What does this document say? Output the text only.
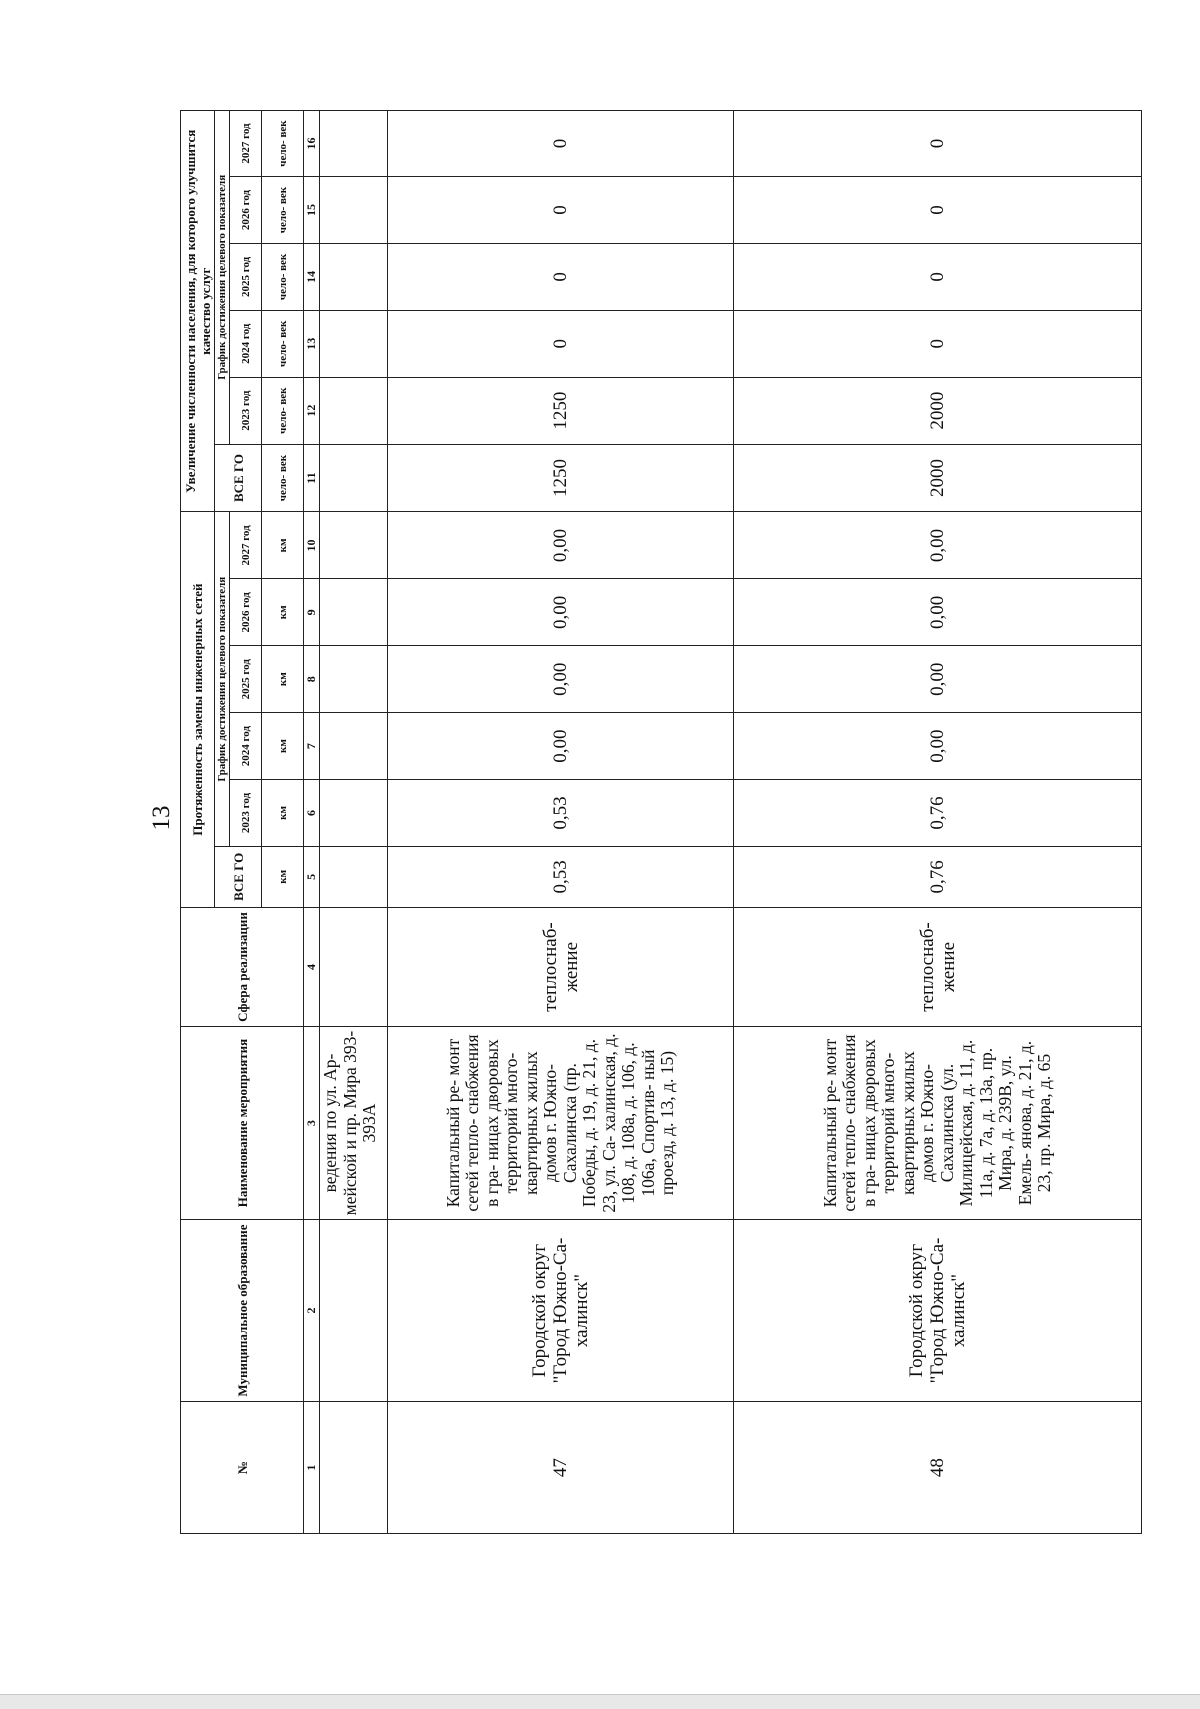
13
№	Муниципальное образование	Наименование мероприятия	Сфера реализации	Протяженность замены инженерных сетей						Увеличение численности населения, для которого улучшится качество услуг					
				ВСЕ ГО	График достижения целевого показателя					ВСЕ ГО	График достижения целевого показателя				
					2023 год	2024 год	2025 год	2026 год	2027 год		2023 год	2024 год	2025 год	2026 год	2027 год
				км	км	км	км	км	км	чело- век	чело- век	чело- век	чело- век	чело- век	чело- век
1	2	3	4	5	6	7	8	9	10	11	12	13	14	15	16
		ведения по ул. Ар- мейской и пр. Мира 393-393А													
47	Городской округ "Город Южно-Са- халинск"	Капитальный ре- монт сетей тепло- снабжения в гра- ницах дворовых территорий много- квартирных жилых домов г. Южно- Сахалинска (пр. Победы, д. 19, д. 21, д. 23, ул. Са- халинская, д. 108, д. 108а, д. 106, д. 106а, Спортив- ный проезд, д. 13, д. 15)	теплоснаб- жение	0,53	0,53	0,00	0,00	0,00	0,00	1250	1250	0	0	0	0
48	Городской округ "Город Южно-Са- халинск"	Капитальный ре- монт сетей тепло- снабжения в гра- ницах дворовых территорий много- квартирных жилых домов г. Южно- Сахалинска (ул. Милицейская, д. 11, д. 11а, д. 7а, д. 13а, пр. Мира, д. 239В, ул. Емель- янова, д. 21, д. 23, пр. Мира, д. 65	теплоснаб- жение	0,76	0,76	0,00	0,00	0,00	0,00	2000	2000	0	0	0	0
